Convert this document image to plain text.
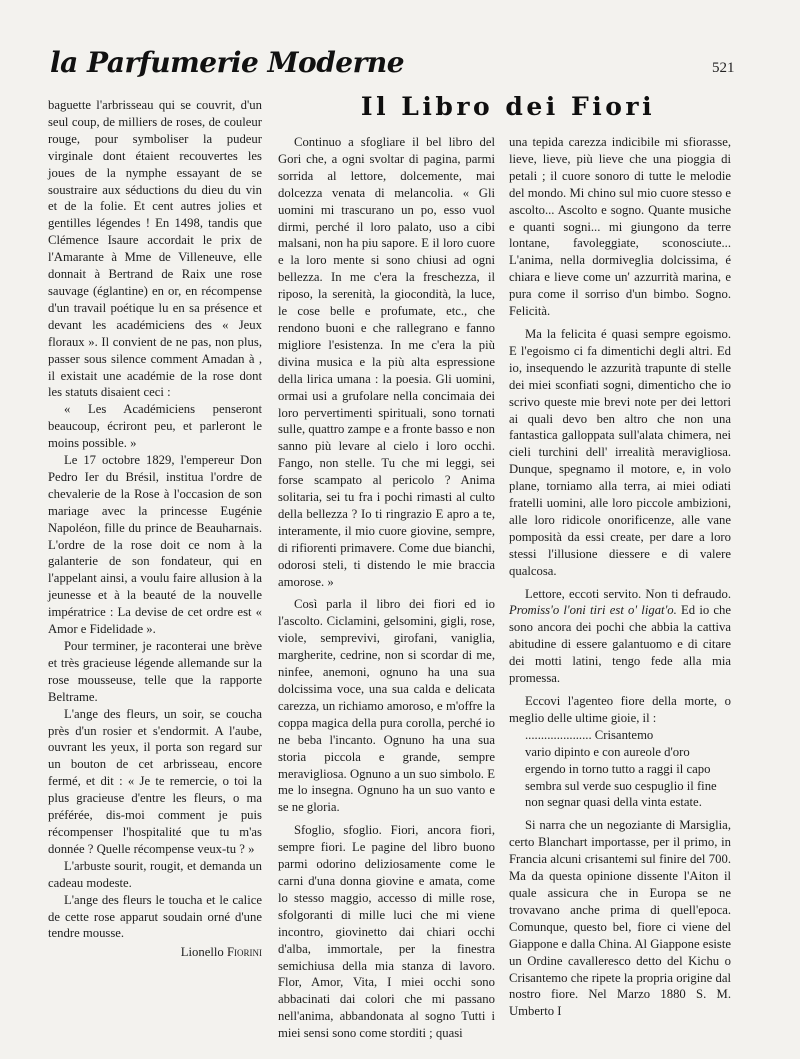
la Parfumerie Moderne	521
Il Libro dei Fiori

baguette l'arbrisseau qui se couvrit, d'un seul coup, de milliers de roses, de couleur rouge, pour symboliser la pudeur virginale dont étaient recouvertes les joues de la nymphe essayant de se soustraire aux séductions du dieu du vin et de la folie. Et cent autres jolies et gentilles légendes ! En 1498, tandis que Clémence Isaure accordait le prix de l'Amarante à Mme de Villeneuve, elle donnait à Bertrand de Raix une rose sauvage (églantine) en or, en récompense d'un travail poétique lu en sa présence et devant les académiciens des « Jeux floraux ». Il convient de ne pas, non plus, passer sous silence comment Amadan à , il existait une académie de la rose dont les statuts disaient ceci :

« Les Académiciens penseront beaucoup, écriront peu, et parleront le moins possible. »

Le 17 octobre 1829, l'empereur Don Pedro Ier du Brésil, institua l'ordre de chevalerie de la Rose à l'occasion de son mariage avec la princesse Eugénie Napoléon, fille du prince de Beauharnais. L'ordre de la rose doit ce nom à la galanterie de son fondateur, qui en l'appelant ainsi, a voulu faire allusion à la jeunesse et à la beauté de la nouvelle impératrice : La devise de cet ordre est « Amor e Fidelidade ».

Pour terminer, je raconterai une brève et très gracieuse légende allemande sur la rose mousseuse, telle que la rapporte Beltrame.

L'ange des fleurs, un soir, se coucha près d'un rosier et s'endormit. A l'aube, ouvrant les yeux, il porta son regard sur un bouton de cet arbrisseau, encore fermé, et dit : « Je te remercie, o toi la plus gracieuse d'entre les fleurs, o ma préférée, dis-moi comment je puis récompenser l'hospitalité que tu m'as donnée ? Quelle récompense veux-tu ? »

L'arbuste sourit, rougit, et demanda un cadeau modeste.

L'ange des fleurs le toucha et le calice de cette rose apparut soudain orné d'une tendre mousse.

Lionello Fiorini

Continuo a sfogliare il bel libro del Gori che, a ogni svoltar di pagina, parmi sorrida al lettore, dolcemente, mai dolcezza venata di melancolia. « Gli uomini mi trascurano un po, esso vuol dirmi, perché il loro palato, uso a cibi malsani, non ha piu sapore. E il loro cuore e la loro mente si sono chiusi ad ogni bellezza. In me c'era la freschezza, il riposo, la serenità, la giocondità, la luce, le cose belle e profumate, etc., che rendono buoni e che rallegrano e fanno migliore l'esistenza. In me c'era la più divina musica e la più alta espressione della lirica umana : la poesia. Gli uomini, ormai usi a grufolare nella concimaia dei loro pervertimenti spirituali, sono tornati sulle, quattro zampe e a fronte basso e non sanno più levare al cielo i loro occhi. Fango, non stelle. Tu che mi leggi, sei forse scampato al pericolo ? Anima solitaria, sei tu fra i pochi rimasti al culto della bellezza ? Io ti ringrazio E apro a te, interamente, il mio cuore giovine, sempre, di rifiorenti primavere. Come due bianchi, odorosi steli, ti distendo le mie braccia amorose. »

Così parla il libro dei fiori ed io l'ascolto. Ciclamini, gelsomini, gigli, rose, viole, semprevivi, girofani, vaniglia, margherite, cedrine, non si scordar di me, ninfee, anemoni, ognuno ha una sua dolcissima voce, una sua calda e delicata carezza, un richiamo amoroso, e m'offre la coppa magica della pura corolla, perché io ne beba l'incanto. Ognuno ha una sua storia piccola e grande, sempre meravigliosa. Ognuno a un suo simbolo. E me lo insegna. Ognuno ha un suo vanto e se ne gloria.

Sfoglio, sfoglio. Fiori, ancora fiori, sempre fiori. Le pagine del libro buono parmi odorino deliziosamente come le carni d'una donna giovine e amata, come lo stesso maggio, accesso di mille rose, sfolgoranti di mille luci che mi viene incontro, giovinetto dai chiari occhi d'alba, immortale, per la finestra semichiusa della mia stanza di lavoro. Flor, Amor, Vita, I miei occhi sono abbacinati dai colori che mi passano nell'anima, abbandonata al sogno Tutti i miei sensi sono come storditi ; quasi

una tepida carezza indicibile mi sfiorasse, lieve, lieve, più lieve che una pioggia di petali ; il cuore sonoro di tutte le melodie del mondo. Mi chino sul mio cuore stesso e ascolto... Ascolto e sogno. Quante musiche e quanti sogni... mi giungono da terre lontane, favoleggiate, sconosciute... L'anima, nella dormiveglia dolcissima, é chiara e lieve come un' azzurrità marina, e pura come il sorriso d'un bimbo. Sogno. Felicità.

Ma la felicita é quasi sempre egoismo. E l'egoismo ci fa dimentichi degli altri. Ed io, insequendo le azzurità trapunte di stelle dei miei sconfiati sogni, dimenticho che io scrivo queste mie brevi note per dei lettori ai quali devo ben altro che non una fantastica galloppata sull'alata chimera, nei cieli turchini dell' irrealità meravigliosa. Dunque, spegnamo il motore, e, in volo plane, torniamo alla terra, ai miei odiati fratelli uomini, alle loro piccole ambizioni, alle loro ridicole onorificenze, alle vane pomposità da essi create, per dare a loro stessi l'illusione diessere e di valere qualcosa.

Lettore, eccoti servito. Non ti defraudo. Promiss'o l'oni tiri est o' ligat'o. Ed io che sono ancora dei pochi che abbia la cattiva abitudine di essere galantuomo e di citare dei motti latini, tengo fede alla mia promessa.

Eccovi l'agenteo fiore della morte, o meglio delle ultime gioie, il :

..................... Crisantemo

vario dipinto e con aureole d'oro

ergendo in torno tutto a raggi il capo

sembra sul verde suo cespuglio il fine

non segnar quasi della vinta estate.

Si narra che un negoziante di Marsiglia, certo Blanchart importasse, per il primo, in Francia alcuni crisantemi sul finire del 700. Ma da questa opinione dissente l'Aiton il quale assicura che in Europa se ne trovavano anche prima di quell'epoca. Comunque, questo bel, fiore ci viene del Giappone e dalla China. Al Giappone esiste un Ordine cavalleresco detto del Kichu o Crisantemo che ripete la propria origine dal nostro fiore. Nel Marzo 1880 S. M. Umberto I
